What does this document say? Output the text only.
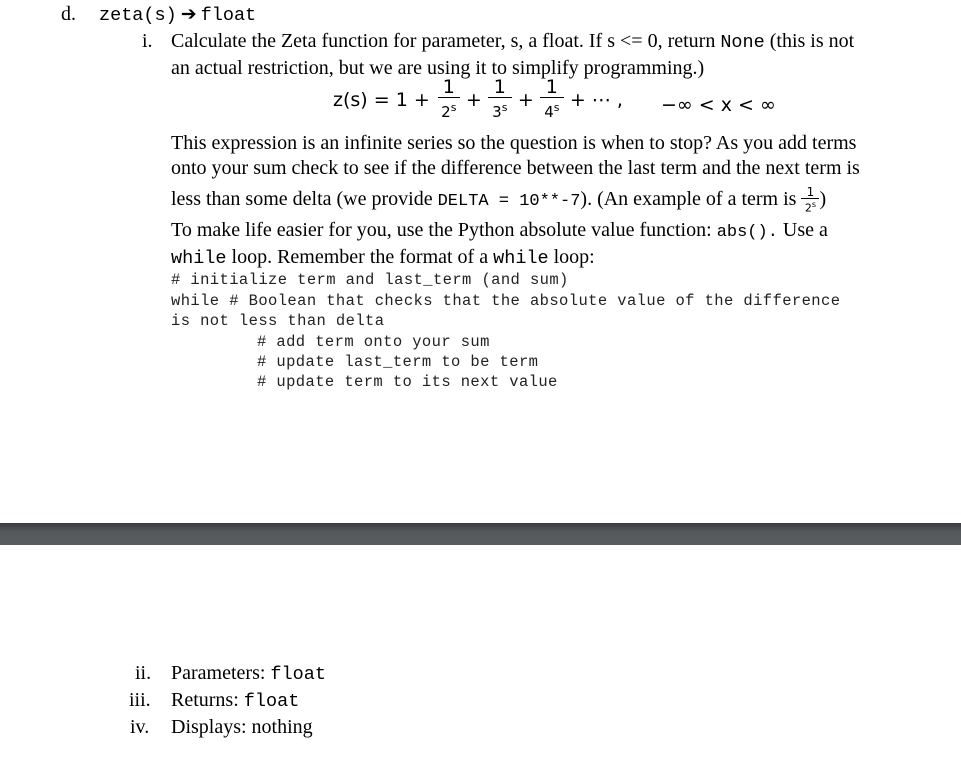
d. zeta(s) ➔ float
i. Calculate the Zeta function for parameter, s, a float. If s <= 0, return None (this is not
an actual restriction, but we are using it to simplify programming.)
$z(s) = 1 + \frac{1}{2^s} + \frac{1}{3^s} + \frac{1}{4^s}$ + ⋯ , −∞ < x < ∞
This expression is an infinite series so the question is when to stop? As you add terms
onto your sum check to see if the difference between the last term and the next term is
less than some delta (we provide DELTA = 10**-7). (An example of a term is $\frac{1}{2^s}$ )
To make life easier for you, use the Python absolute value function: abs(). Use a
while loop. Remember the format of a while loop:
# initialize term and last_term (and sum)
while # Boolean that checks that the absolute value of the difference
is not less than delta
# add term onto your sum
# update last_term to be term
# update term to its next value
ii. Parameters: float
iii. Returns: float
iv. Displays: nothing
